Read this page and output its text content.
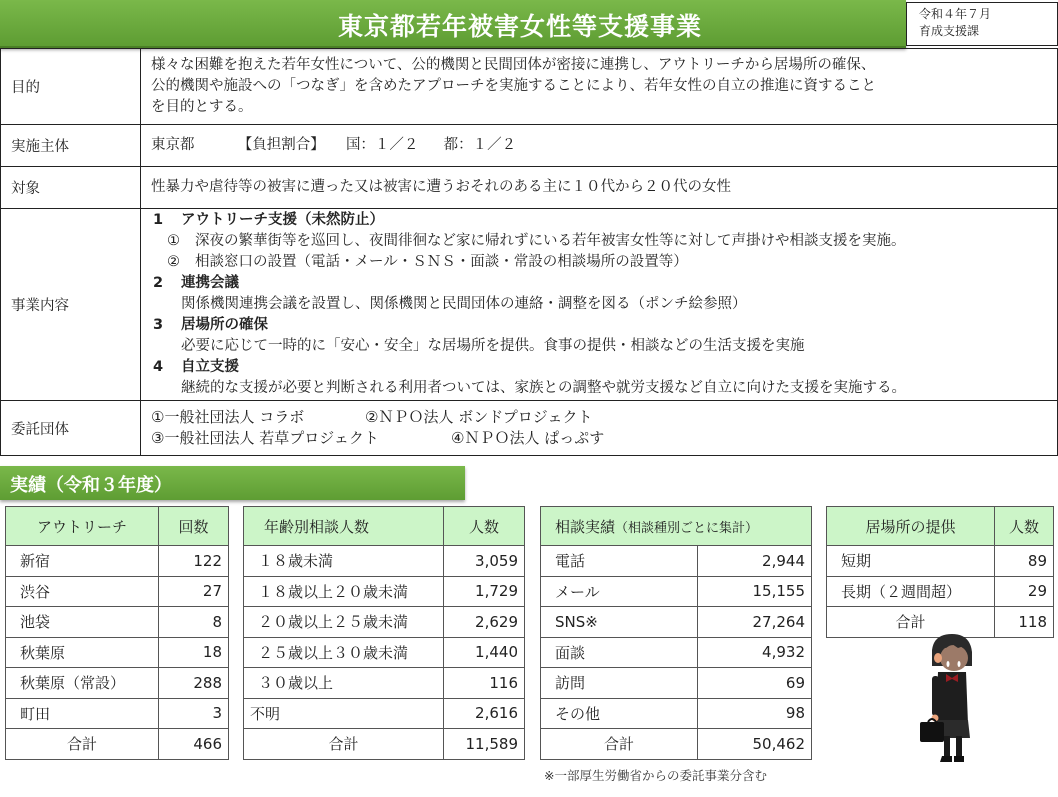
東京都若年被害女性等支援事業	令和４年７月
育成支援課
目的	様々な困難を抱えた若年女性について、公的機関と民間団体が密接に連携し、アウトリーチから居場所の確保、
公的機関や施設への「つなぎ」を含めたアプローチを実施することにより、若年女性の自立の推進に資すること
を目的とする。

実施主体	東京都 【負担割合】 国：１／２ 都：１／２
対象	性暴力や虐待等の被害に遭った又は被害に遭うおそれのある主に１０代から２０代の女性
事業内容	
1 アウトリーチ支援（未然防止）
① 深夜の繁華街等を巡回し、夜間徘徊など家に帰れずにいる若年被害女性等に対して声掛けや相談支援を実施。
② 相談窓口の設置（電話・メール・ＳＮＳ・面談・常設の相談場所の設置等）
2 連携会議
関係機関連携会議を設置し、関係機関と民間団体の連絡・調整を図る（ポンチ絵参照）
3 居場所の確保
必要に応じて一時的に「安心・安全」な居場所を提供。食事の提供・相談などの生活支援を実施
4 自立支援
継続的な支援が必要と判断される利用者ついては、家族との調整や就労支援など自立に向けた支援を実施する。

委託団体	①一般社団法人 コラボ ②ＮＰＯ法人 ボンドプロジェクト
③一般社団法人 若草プロジェクト ④ＮＰＯ法人 ぱっぷす
実績（令和３年度）
アウトリーチ	回数
新宿	122
渋谷	27
池袋	8
秋葉原	18
秋葉原（常設）	288
町田	3
合計	466
年齢別相談人数	人数
１８歳未満	3,059
１８歳以上２０歳未満	1,729
２０歳以上２５歳未満	2,629
２５歳以上３０歳未満	1,440
３０歳以上	116
不明	2,616
合計	11,589
相談実績（相談種別ごとに集計）	
電話	2,944
メール	15,155
SNS※	27,264
面談	4,932
訪問	69
その他	98
合計	50,462
※一部厚生労働省からの委託事業分含む
居場所の提供	人数
短期	89
長期（２週間超）	29
合計	118
